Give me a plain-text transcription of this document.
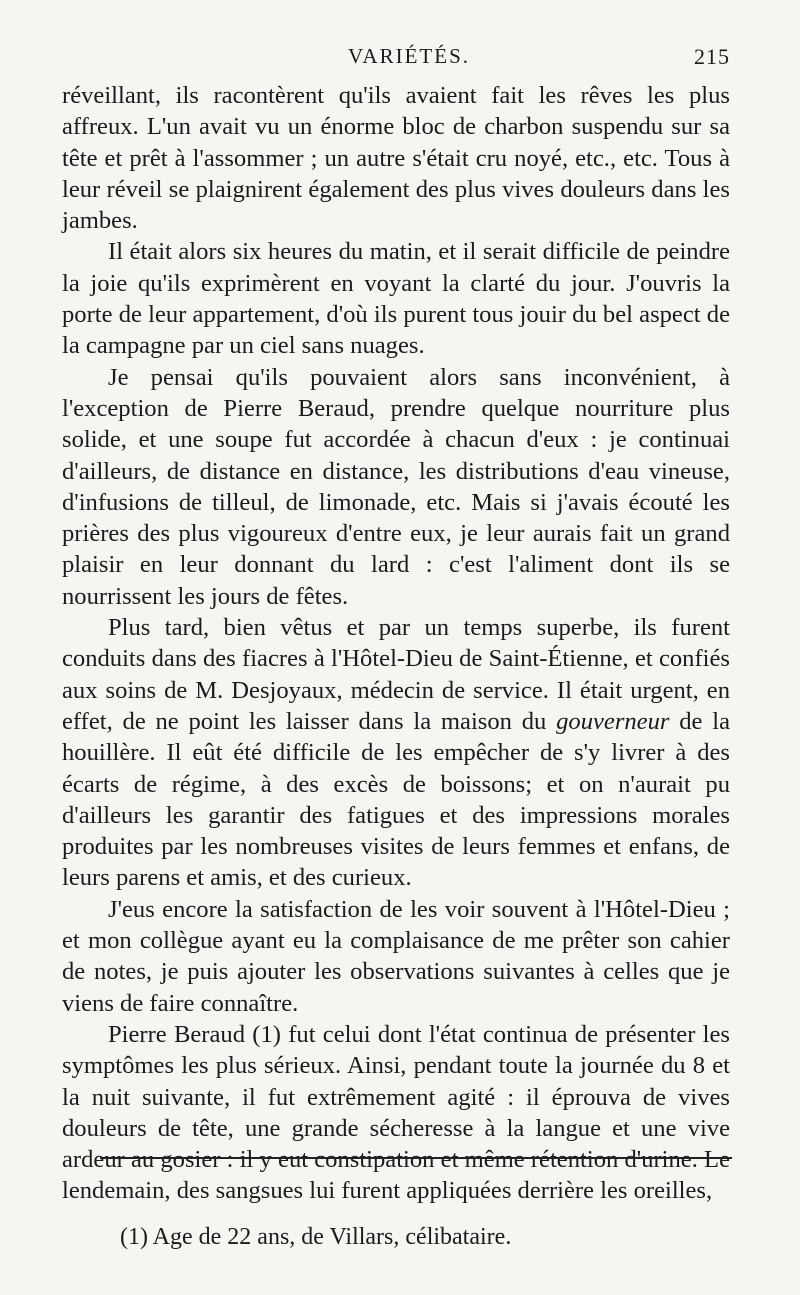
VARIÉTÉS.	215

réveillant, ils racontèrent qu'ils avaient fait les rêves les plus affreux. L'un avait vu un énorme bloc de charbon suspendu sur sa tête et prêt à l'assommer ; un autre s'était cru noyé, etc., etc. Tous à leur réveil se plaignirent également des plus vives douleurs dans les jambes.

Il était alors six heures du matin, et il serait difficile de peindre la joie qu'ils exprimèrent en voyant la clarté du jour. J'ouvris la porte de leur appartement, d'où ils purent tous jouir du bel aspect de la campagne par un ciel sans nuages.

Je pensai qu'ils pouvaient alors sans inconvénient, à l'exception de Pierre Beraud, prendre quelque nourriture plus solide, et une soupe fut accordée à chacun d'eux : je continuai d'ailleurs, de distance en distance, les distributions d'eau vineuse, d'infusions de tilleul, de limonade, etc. Mais si j'avais écouté les prières des plus vigoureux d'entre eux, je leur aurais fait un grand plaisir en leur donnant du lard : c'est l'aliment dont ils se nourrissent les jours de fêtes.

Plus tard, bien vêtus et par un temps superbe, ils furent conduits dans des fiacres à l'Hôtel-Dieu de Saint-Étienne, et confiés aux soins de M. Desjoyaux, médecin de service. Il était urgent, en effet, de ne point les laisser dans la maison du gouverneur de la houillère. Il eût été difficile de les empêcher de s'y livrer à des écarts de régime, à des excès de boissons; et on n'aurait pu d'ailleurs les garantir des fatigues et des impressions morales produites par les nombreuses visites de leurs femmes et enfans, de leurs parens et amis, et des curieux.

J'eus encore la satisfaction de les voir souvent à l'Hôtel-Dieu ; et mon collègue ayant eu la complaisance de me prêter son cahier de notes, je puis ajouter les observations suivantes à celles que je viens de faire connaître.

Pierre Beraud (1) fut celui dont l'état continua de présenter les symptômes les plus sérieux. Ainsi, pendant toute la journée du 8 et la nuit suivante, il fut extrêmement agité : il éprouva de vives douleurs de tête, une grande sécheresse à la langue et une vive ardeur au gosier : il y eut constipation et même rétention d'urine. Le lendemain, des sangsues lui furent appliquées derrière les oreilles,

(1) Age de 22 ans, de Villars, célibataire.
